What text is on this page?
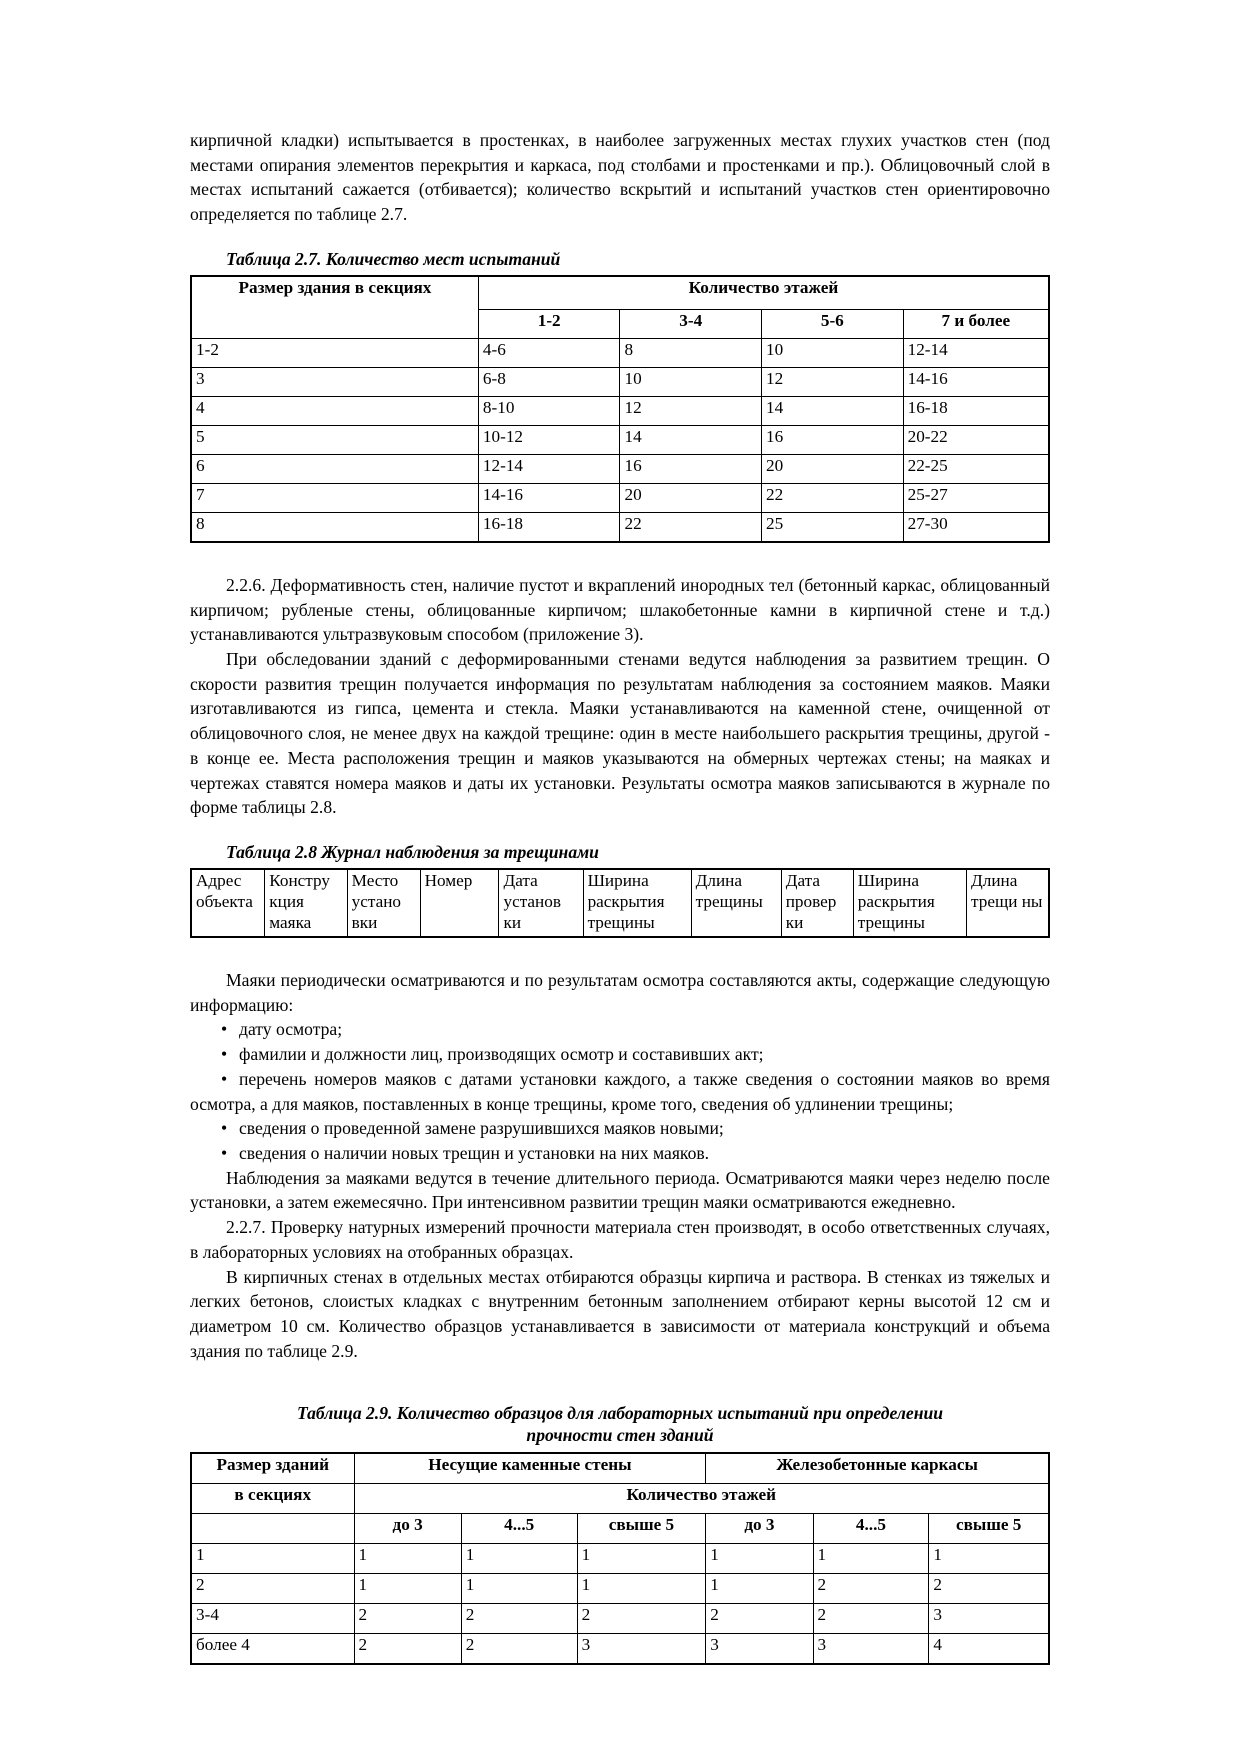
кирпичной кладки) испытывается в простенках, в наиболее загруженных местах глухих участков стен (под местами опирания элементов перекрытия и каркаса, под столбами и простенками и пр.). Облицовочный слой в местах испытаний сажается (отбивается); количество вскрытий и испытаний участков стен ориентировочно определяется по таблице 2.7.

Таблица 2.7. Количество мест испытаний
Размер здания в секциях	Количество этажей			
	1-2	3-4	5-6	7 и более
1-2	4-6	8	10	12-14
3	6-8	10	12	14-16
4	8-10	12	14	16-18
5	10-12	14	16	20-22
6	12-14	16	20	22-25
7	14-16	20	22	25-27
8	16-18	22	25	27-30

2.2.6. Деформативность стен, наличие пустот и вкраплений инородных тел (бетонный каркас, облицованный кирпичом; рубленые стены, облицованные кирпичом; шлакобетонные камни в кирпичной стене и т.д.) устанавливаются ультразвуковым способом (приложение 3).

При обследовании зданий с деформированными стенами ведутся наблюдения за развитием трещин. О скорости развития трещин получается информация по результатам наблюдения за состоянием маяков. Маяки изготавливаются из гипса, цемента и стекла. Маяки устанавливаются на каменной стене, очищенной от облицовочного слоя, не менее двух на каждой трещине: один в месте наибольшего раскрытия трещины, другой - в конце ее. Места расположения трещин и маяков указываются на обмерных чертежах стены; на маяках и чертежах ставятся номера маяков и даты их установки. Результаты осмотра маяков записываются в журнале по форме таблицы 2.8.

Таблица 2.8 Журнал наблюдения за трещинами
Адрес объекта	Констру кция маяка	Место устано вки	Номер	Дата установ ки	Ширина раскрытия трещины	Длина трещины	Дата провер ки	Ширина раскрытия трещины	Длина трещи ны

Маяки периодически осматриваются и по результатам осмотра составляются акты, содержащие следующую информацию:

• дату осмотра;
• фамилии и должности лиц, производящих осмотр и составивших акт;
• перечень номеров маяков с датами установки каждого, а также сведения о состоянии маяков во время осмотра, а для маяков, поставленных в конце трещины, кроме того, сведения об удлинении трещины;
• сведения о проведенной замене разрушившихся маяков новыми;
• сведения о наличии новых трещин и установки на них маяков.

Наблюдения за маяками ведутся в течение длительного периода. Осматриваются маяки через неделю после установки, а затем ежемесячно. При интенсивном развитии трещин маяки осматриваются ежедневно.

2.2.7. Проверку натурных измерений прочности материала стен производят, в особо ответственных случаях, в лабораторных условиях на отобранных образцах.

В кирпичных стенах в отдельных местах отбираются образцы кирпича и раствора. В стенках из тяжелых и легких бетонов, слоистых кладках с внутренним бетонным заполнением отбирают керны высотой 12 см и диаметром 10 см. Количество образцов устанавливается в зависимости от материала конструкций и объема здания по таблице 2.9.

Таблица 2.9. Количество образцов для лабораторных испытаний при определении
прочности стен зданий
Размер зданий	Несущие каменные стены			Железобетонные каркасы		
в секциях	Количество этажей					
	до 3	4...5	свыше 5	до 3	4...5	свыше 5
1	1	1	1	1	1	1
2	1	1	1	1	2	2
3-4	2	2	2	2	2	3
более 4	2	2	3	3	3	4
